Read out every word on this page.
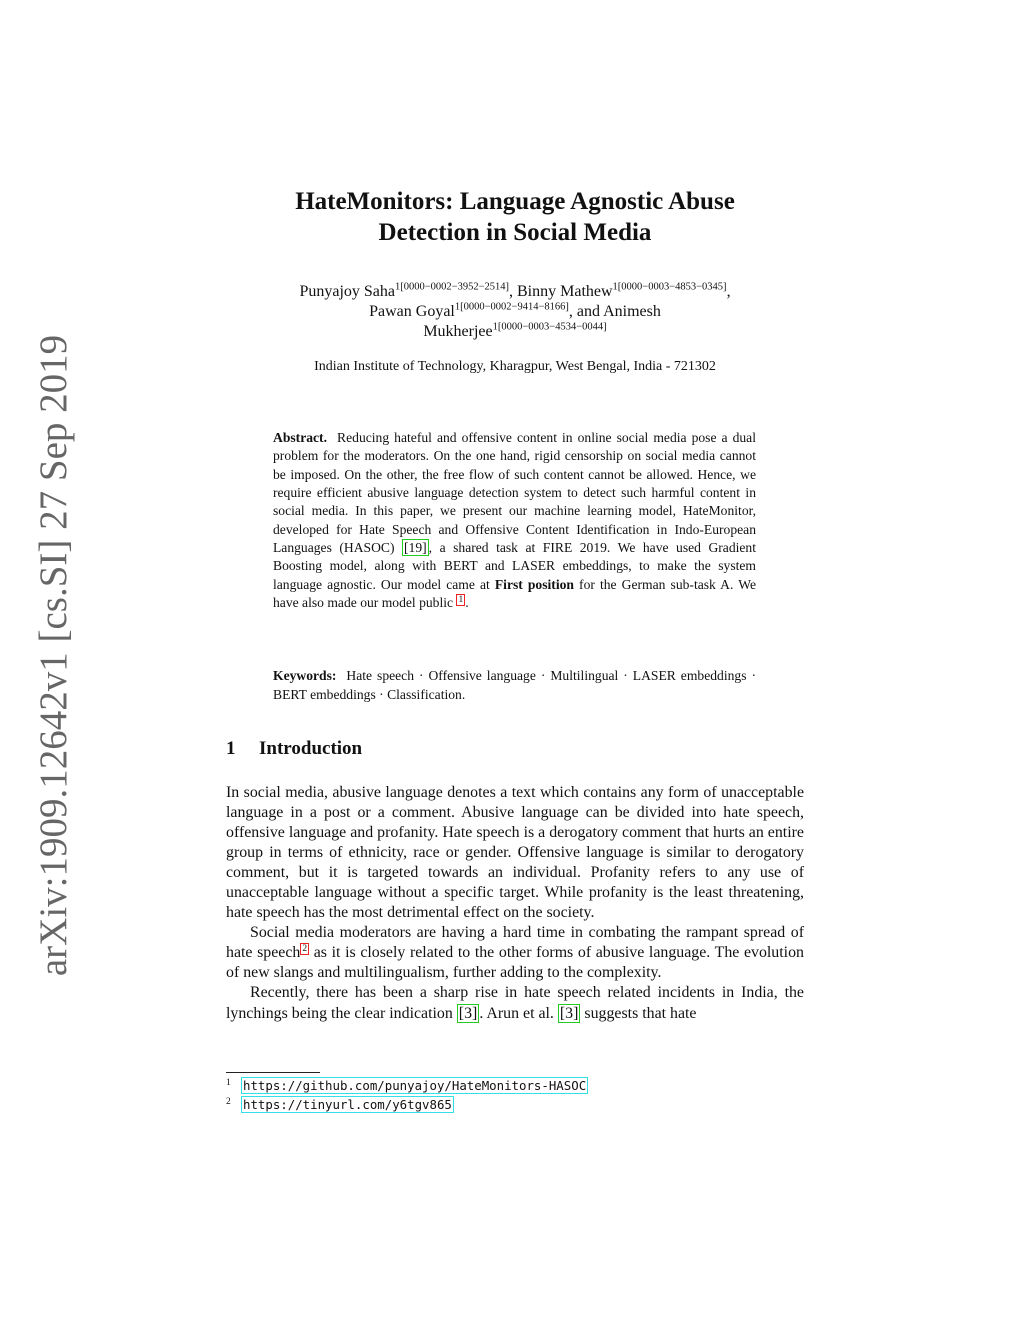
arXiv:1909.12642v1 [cs.SI] 27 Sep 2019
HateMonitors: Language Agnostic Abuse
Detection in Social Media
Punyajoy Saha$^{1[0000-0002-3952-2514]}$, Binny Mathew$^{1[0000-0003-4853-0345]}$,
Pawan Goyal$^{1[0000-0002-9414-8166]}$, and Animesh
Mukherjee$^{1[0000-0003-4534-0044]}$
Indian Institute of Technology, Kharagpur, West Bengal, India - 721302
Abstract. Reducing hateful and offensive content in online social media pose a dual problem for the moderators. On the one hand, rigid censorship on social media cannot be imposed. On the other, the free flow of such content cannot be allowed. Hence, we require efficient abusive language detection system to detect such harmful content in social media. In this paper, we present our machine learning model, HateMonitor, developed for Hate Speech and Offensive Content Identification in Indo-European Languages (HASOC) [19] , a shared task at FIRE 2019. We have used Gradient Boosting model, along with BERT and LASER embeddings, to make the system language agnostic. Our model came at First position for the German sub-task A. We have also made our model public $^1$ .
Keywords: Hate speech · Offensive language · Multilingual · LASER embeddings · BERT embeddings · Classification.
1 Introduction

In social media, abusive language denotes a text which contains any form of unacceptable language in a post or a comment. Abusive language can be divided into hate speech, offensive language and profanity. Hate speech is a derogatory comment that hurts an entire group in terms of ethnicity, race or gender. Offensive language is similar to derogatory comment, but it is targeted towards an individual. Profanity refers to any use of unacceptable language without a specific target. While profanity is the least threatening, hate speech has the most detrimental effect on the society.

Social media moderators are having a hard time in combating the rampant spread of hate speech $^2$ as it is closely related to the other forms of abusive language. The evolution of new slangs and multilingualism, further adding to the complexity.

Recently, there has been a sharp rise in hate speech related incidents in India, the lynchings being the clear indication [3] . Arun et al. [3] suggests that hate

1 https://github.com/punyajoy/HateMonitors-HASOC
2 https://tinyurl.com/y6tgv865
